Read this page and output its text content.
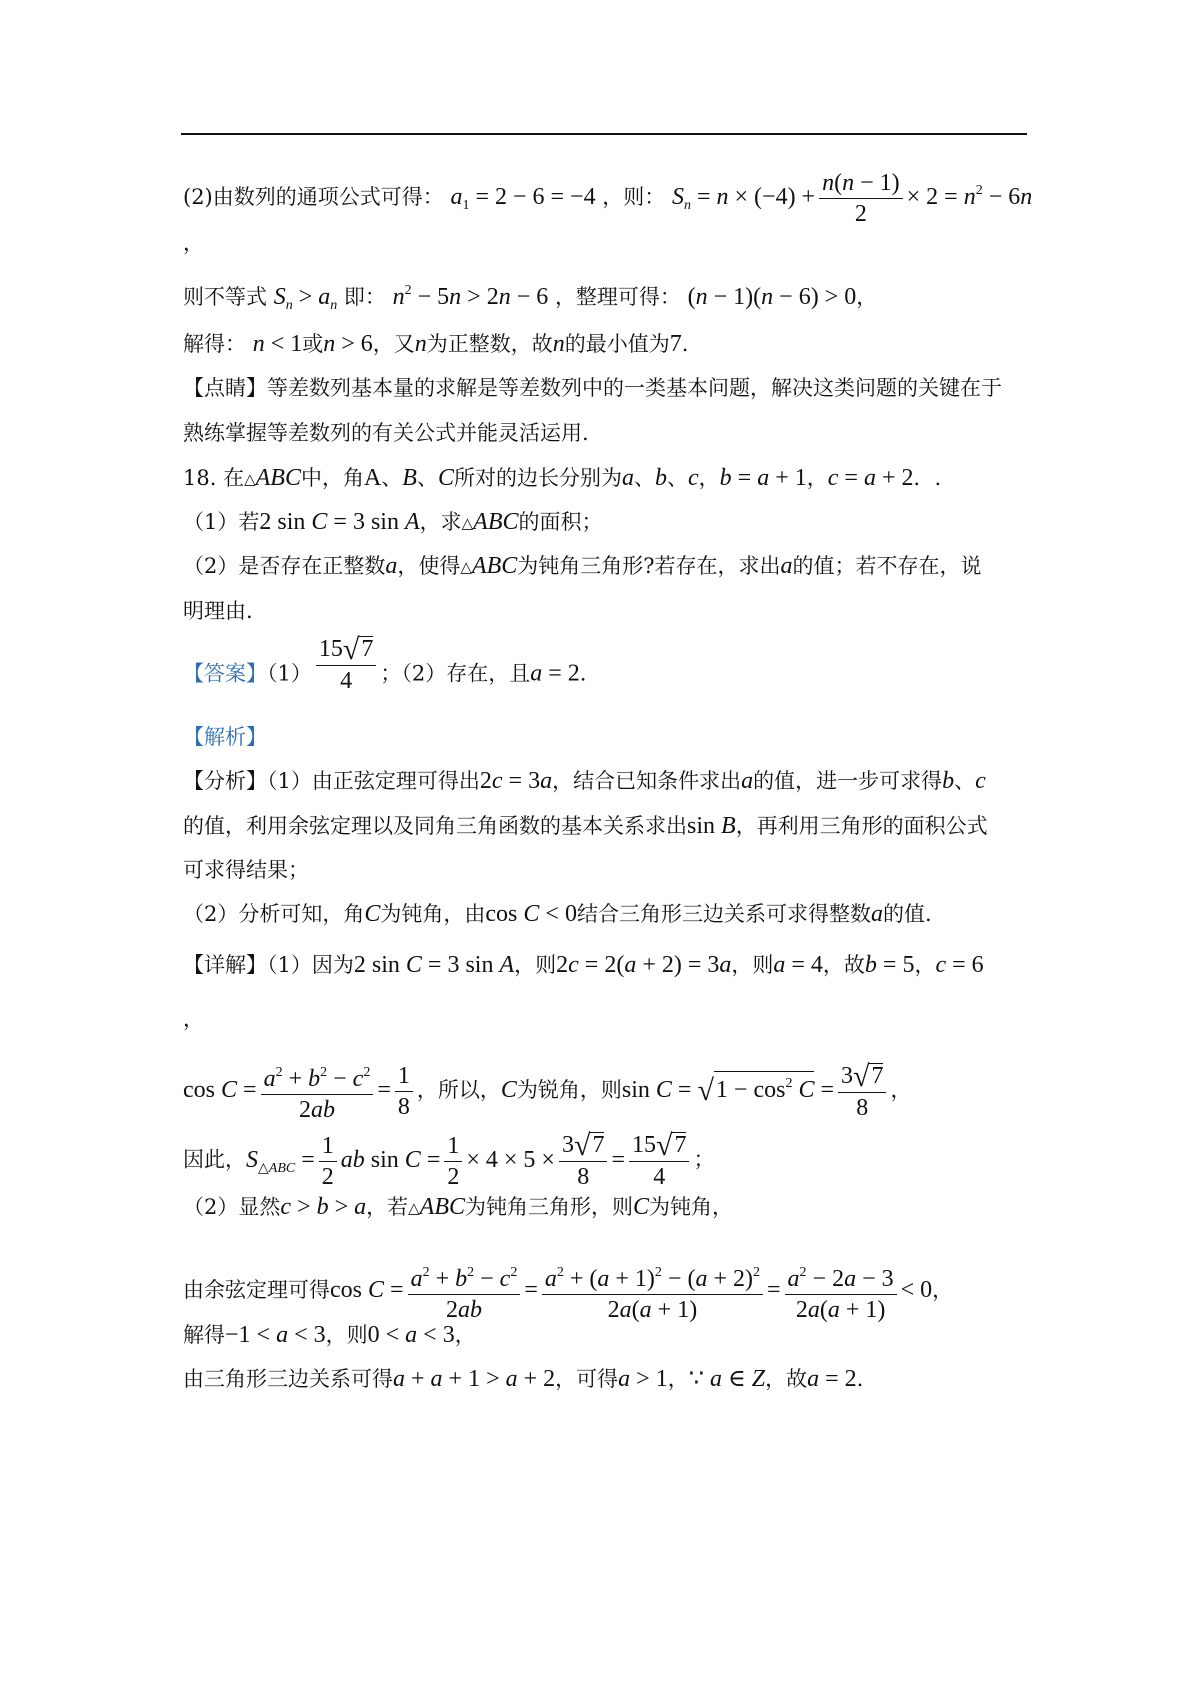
(2)由数列的通项公式可得： $a_1 = 2 - 6 = -4$ ，则： $S_n = n \times (-4) + \frac{n(n - 1)}{2} \times 2 = n^2 - 6n$
，
则不等式 $S_n > a_n$ 即： $n^2 - 5n > 2n - 6$ ，整理可得： (n − 1)(n − 6) > 0，
解得： n < 1或n > 6，又n为正整数，故n的最小值为7.
【点睛】等差数列基本量的求解是等差数列中的一类基本问题，解决这类问题的关键在于
熟练掌握等差数列的有关公式并能灵活运用.
18. 在△ABC中，角A、B、C所对的边长分别为a、b、c，b = a + 1，c = a + 2．.
（1）若2 sin C = 3 sin A，求△ABC的面积；
（2）是否存在正整数a，使得△ABC为钝角三角形?若存在，求出a的值；若不存在，说
明理由.
【答案】$(1) \frac{15√7}{4}$ ；（2）存在，且a = 2.
【解析】
【分析】（1）由正弦定理可得出2c = 3a，结合已知条件求出a的值，进一步可求得b、c
的值，利用余弦定理以及同角三角函数的基本关系求出sin B，再利用三角形的面积公式
可求得结果；
（2）分析可知，角C为钝角，由cos C < 0结合三角形三边关系可求得整数a的值.
【详解】（1）因为2 sin C = 3 sin A，则2c = 2(a + 2) = 3a，则a = 4，故b = 5，c = 6
，
$\cos C = \frac{a^2 + b^2 - c^2}{2ab} = \frac{1}{8}$ ，所以，C为锐角，则$\sin C = √1 - \cos^2 C = \frac{3√7}{8}$ ，
因此，$S_{\triangle ABC} = \frac{1}{2}$ ab $\sin C = \frac{1}{2} \times 4 \times 5 \times \frac{3√7}{8} = \frac{15√7}{4}$ ；
（2）显然c > b > a，若△ABC为钝角三角形，则C为钝角，
由余弦定理可得$\cos C = \frac{a^2 + b^2 - c^2}{2ab} = \frac{a^2 + (a + 1)^2 - (a + 2)^2}{2a(a + 1)} = \frac{a^2 - 2a - 3}{2a(a + 1)} < 0$，
解得−1 < a < 3，则0 < a < 3，
由三角形三边关系可得a + a + 1 > a + 2，可得a > 1，∵ a ∈ Z，故a = 2.
